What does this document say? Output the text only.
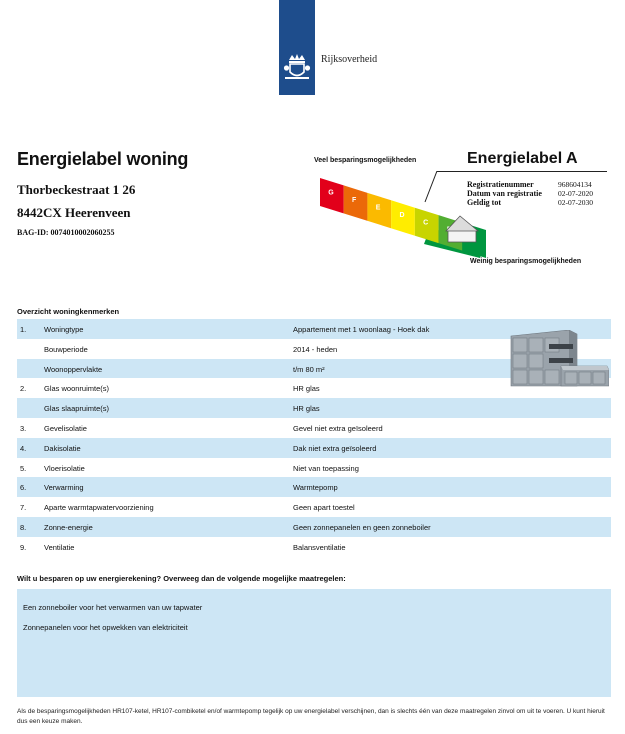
Rijksoverheid
Energielabel woning
Thorbeckestraat 1 26
8442CX Heerenveen
BAG-ID: 0074010002060255
Veel besparingsmogelijkheden
G
F
E
D
C
Weinig besparingsmogelijkheden
Energielabel A
Registratienummer	968604134
Datum van registratie 02-07-2020
Geldig tot	02-07-2030
Overzicht woningkenmerken
1. Woningtype	Appartement met 1 woonlaag - Hoek dak
Bouwperiode	2014 - heden
Woonoppervlakte	t/m 80 m²
2. Glas woonruimte(s)	HR glas
Glas slaapruimte(s)	HR glas
3. Gevelisolatie	Gevel niet extra geïsoleerd
4. Dakisolatie	Dak niet extra geïsoleerd
5. Vloerisolatie	Niet van toepassing
6. Verwarming	Warmtepomp
7. Aparte warmtapwatervoorziening	Geen apart toestel
8. Zonne-energie	Geen zonnepanelen en geen zonneboiler
9. Ventilatie	Balansventilatie
Wilt u besparen op uw energierekening? Overweeg dan de volgende mogelijke maatregelen:
Een zonneboiler voor het verwarmen van uw tapwater
Zonnepanelen voor het opwekken van elektriciteit
Als de besparingsmogelijkheden HR107-ketel, HR107-combiketel en/of warmtepomp tegelijk op uw energielabel verschijnen, dan is slechts één van deze maatregelen zinvol om uit te voeren. U kunt hieruit dus een keuze maken.
